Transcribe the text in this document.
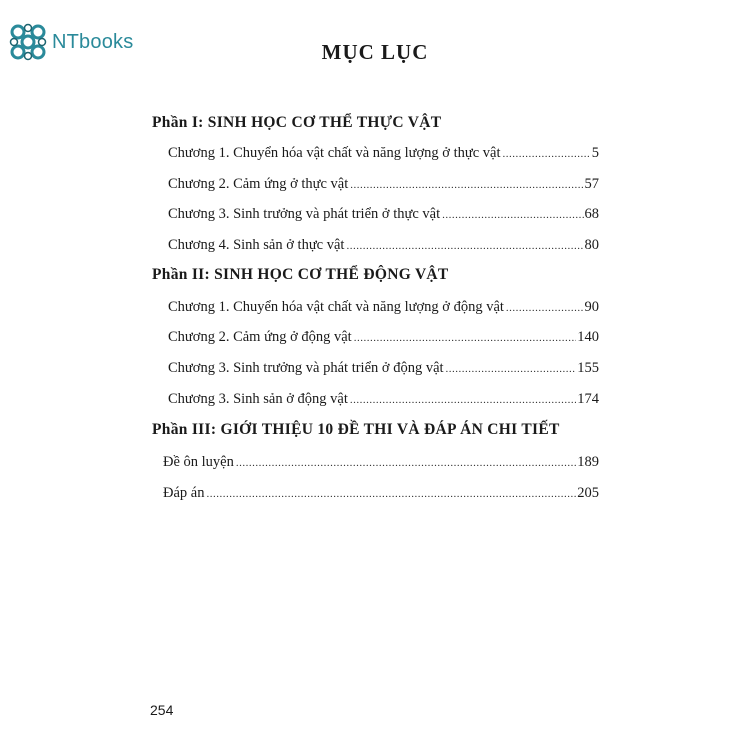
NTbooks	MỤC LỤC
Phần I: SINH HỌC CƠ THỂ THỰC VẬT
Chương 1. Chuyển hóa vật chất và năng lượng ở thực vật .....	5
Chương 2. Cảm ứng ở thực vật .....	57
Chương 3. Sinh trưởng và phát triển ở thực vật .....	68
Chương 4. Sinh sản ở thực vật .....	80
Phần II: SINH HỌC CƠ THỂ ĐỘNG VẬT
Chương 1. Chuyển hóa vật chất và năng lượng ở động vật .....	90
Chương 2. Cảm ứng ở động vật .....	140
Chương 3. Sinh trưởng và phát triển ở động vật .....	155
Chương 3. Sinh sản ở động vật .....	174
Phần III: GIỚI THIỆU 10 ĐỀ THI VÀ ĐÁP ÁN CHI TIẾT
Đề ôn luyện .....	189
Đáp án .....	205
254
